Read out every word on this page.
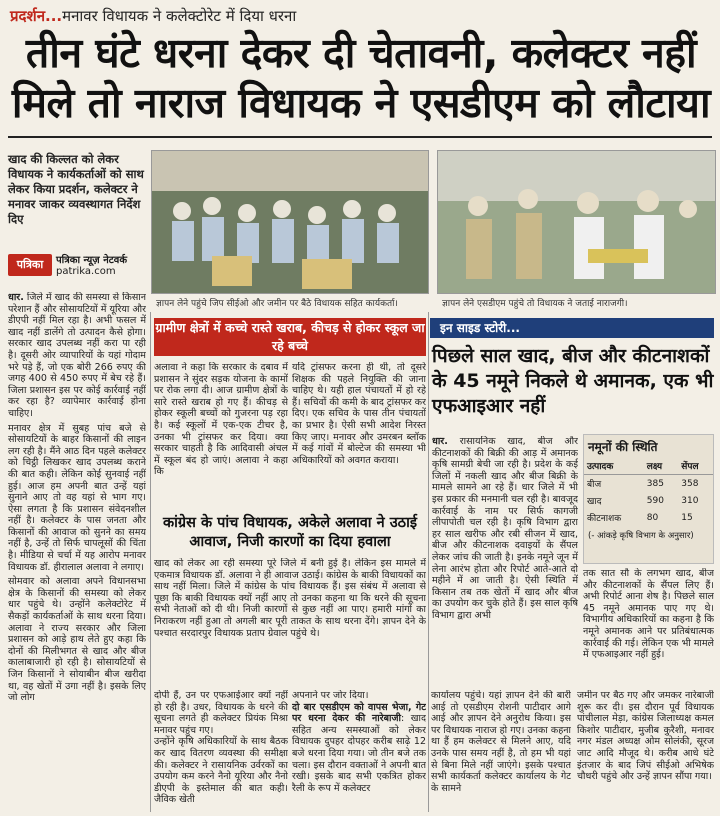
प्रदर्शन...मनावर विधायक ने कलेक्टोरेट में दिया धरना
तीन घंटे धरना देकर दी चेतावनी, कलेक्टर नहीं
मिले तो नाराज विधायक ने एसडीएम को लौटाया
खाद की किल्लत को लेकर विधायक ने कार्यकर्ताओं को साथ लेकर किया प्रदर्शन, कलेक्टर ने मनावर जाकर व्यवस्थागत निर्देश दिए
पत्रिका	पत्रिका न्यूज़ नेटवर्क
patrika.com
ज्ञापन लेने पहुंचे जिप सीईओ और जमीन पर बैठे विधायक सहित कार्यकर्ता।	ज्ञापन लेने एसडीएम पहुंचे तो विधायक ने जताई नाराजगी।
धार. जिले में खाद की समस्या से किसान परेशान हैं और सोसायटियों में यूरिया और डीएपी नहीं मिल रहा है। अभी फसल में खाद नहीं डालेंगे तो उत्पादन कैसे होगा। सरकार खाद उपलब्ध नहीं करा पा रही है। दूसरी ओर व्यापारियों के यहां गोदाम भरे पड़े हैं, जो एक बोरी 266 रुपए की जगह 400 से 450 रुपए में बेच रहे हैं। जिला प्रशासन इस पर कोई कार्रवाई नहीं कर रहा है? व्यापेमार कार्रवाई होना चाहिए।
मनावर क्षेत्र में सुबह पांच बजे से सोसायटियों के बाहर किसानों की लाइन लग रही है। मैंने आठ दिन पहले कलेक्टर को चिट्ठी लिखकर खाद उपलब्ध कराने की बात कही। लेकिन कोई सुनवाई नहीं हुई। आज हम अपनी बात उन्हें यहां सुनाने आए तो वह यहां से भाग गए। ऐसा लगता है कि प्रशासन संवेदनशील नहीं है। कलेक्टर के पास जनता और किसानों की आवाज को सुनने का समय नहीं है, उन्हें तो सिर्फ चापलूसों की चिंता है। मीडिया से चर्चा में यह आरोप मनावर विधायक डॉ. हीरालाल अलावा ने लगाए।
सोमवार को अलावा अपने विधानसभा क्षेत्र के किसानों की समस्या को लेकर धार पहुंचे थे। उन्होंने कलेक्टोरेट में सैकड़ों कार्यकर्ताओं के साथ धरना दिया। अलावा ने राज्य सरकार और जिला प्रशासन को आड़े हाथ लेते हुए कहा कि दोनों की मिलीभगत से खाद और बीज कालाबाजारी हो रही है। सोसायटियों से जिन किसानों ने सोयाबीन बीज खरीदा था, वह खेतों में उगा नहीं है। इसके लिए जो लोग
ग्रामीण क्षेत्रों में कच्चे रास्ते खराब, कीचड़ से होकर स्कूल जा रहे बच्चे
अलावा ने कहा कि सरकार के दबाव में प्रशासन ने सुंदर सड़क योजना के कामों पर रोक लगा दी। आज ग्रामीण क्षेत्रों के सारे रास्ते खराब हो गए हैं। कीचड़ से होकर स्कूली बच्चों को गुजरना पड़ रहा है। कई स्कूलों में एक-एक टीचर है, उनका भी ट्रांसफर कर दिया। क्या सरकार चाहती है कि आदिवासी अंचल में स्कूल बंद हो जाएं। अलावा ने कहा कि
यदि ट्रांसफर करना ही थी, तो दूसरे शिक्षक की पहले नियुक्ति की जाना चाहिए थे। यही हाल पंचायतों में हो रहे हैं। सचिवों की कमी के बाद ट्रांसफर कर दिए। एक सचिव के पास तीन पंचायतों का प्रभार है। ऐसी सभी आदेश निरस्त किए जाए। मनावर और उमरबन ब्लॉक में कई गांवों में बोल्टेज की समस्या भी अधिकारियों को अवगत कराया।
कांग्रेस के पांच विधायक, अकेले अलावा ने उठाई आवाज, निजी कारणों का दिया हवाला
खाद को लेकर आ रही समस्या पूरे जिले में बनी हुई है। लेकिन इस मामले में एकमात्र विधायक डॉ. अलावा ने ही आवाज उठाई। कांग्रेस के बाकी विधायकों का साथ नहीं मिला। जिले में कांग्रेस के पांच विधायक हैं। इस संबंध में अलावा से पूछा कि बाकी विधायक क्यों नहीं आए तो उनका कहना था कि धरने की सूचना सभी नेताओं को दी थी। निजी कारणों से कुछ नहीं आ पाए। हमारी मांगों का निराकरण नहीं हुआ तो अगली बार पूरी ताकत के साथ धरना देंगे। ज्ञापन देने के पश्चात सरदारपुर विधायक प्रताप ग्रेवाल पहुंचे थे।
दोपी हैं, उन पर एफआईआर क्यों नहीं हो रही है। उधर, विधायक के धरने की सूचना लगते ही कलेक्टर प्रियंक मिश्रा मनावर पहुंच गए।
उन्होंने कृषि अधिकारियों के साथ बैठक कर खाद वितरण व्यवस्था की समीक्षा की। कलेक्टर ने रासायनिक उर्वरकों का उपयोग कम करने नैनो यूरिया और नैनो डीएपी के इस्तेमाल की बात कही। जैविक खेती
अपनाने पर जोर दिया।
दो बार एसडीएम को वापस भेजा, गेट पर धरना देकर की नारेबाजी: खाद सहित अन्य समस्याओं को लेकर विधायक दुपहर दोपहर करीब साढ़े 12 बजे धरना दिया गया। जो तीन बजे तक चला। इस दौरान वक्ताओं ने अपनी बात रखी। इसके बाद सभी एकत्रित होकर रैली के रूप में कलेक्टर
कार्यालय पहुंचे। यहां ज्ञापन देने की बारी आई तो एसडीएम रोशनी पाटीदार आगे आई और ज्ञापन देने अनुरोध किया। इस पर विधायक नाराज हो गए। उनका कहना था हैं हम कलेक्टर से मिलने आए, यदि उनके पास समय नहीं है, तो हम भी यहां से बिना मिले नहीं जाएंगे। इसके पश्चात सभी कार्यकर्ता कलेक्टर कार्यालय के गेट के सामने
जमीन पर बैठ गए और जमकर नारेबाजी शुरू कर दी। इस दौरान पूर्व विधायक पांचीलाल मेड़ा, कांग्रेस जिलाध्यक्ष कमल किशोर पाटीदार, मुजीब कुरैशी, मनावर नगर मंडल अध्यक्ष ओम सोलंकी, सूरज जाट आदि मौजूद थे। करीब आधे घंटे इंतजार के बाद जिपं सीईओ अभिषेक चौधरी पहुंचे और उन्हें ज्ञापन सौंपा गया।
इन साइड स्टोरी...
पिछले साल खाद, बीज और कीटनाशकों के 45 नमूने निकले थे अमानक, एक भी एफआइआर नहीं
धार. रासायनिक खाद, बीज और कीटनाशकों की बिक्री की आड़ में अमानक कृषि सामग्री बेची जा रही है। प्रदेश के कई जिलों में नकली खाद और बीज बिक्री के मामले सामने आ रहे हैं। धार जिले में भी इस प्रकार की मनमानी चल रही है। बावजूद कार्रवाई के नाम पर सिर्फ कागजी लीपापोती चल रही है। कृषि विभाग द्वारा हर साल खरीफ और रबी सीजन में खाद, बीज और कीटनाशक दवाइयों के सैंपल लेकर जांच की जाती है। इनके नमूने जून में लेना आरंभ होता और रिपोर्ट आते-आते दो महीने में आ जाती है। ऐसी स्थिति में किसान तब तक खेतों में खाद और बीज का उपयोग कर चुके होते हैं। इस साल कृषि विभाग द्वारा अभी
नमूनों की स्थिति
उत्पादक	लक्ष्य	सेंपल
बीज	385	358
खाद	590	310
कीटनाशक	80	15
(- आंकड़े कृषि विभाग के अनुसार)
तक सात सौ के लगभग खाद, बीज और कीटनाशकों के सैंपल लिए हैं। अभी रिपोर्ट आना शेष है। पिछले साल 45 नमूने अमानक पाए गए थे। विभागीय अधिकारियों का कहना है कि नमूने अमानक आने पर प्रतिबंधात्मक कार्रवाई की गई। लेकिन एक भी मामले में एफआइआर नहीं हुई।
